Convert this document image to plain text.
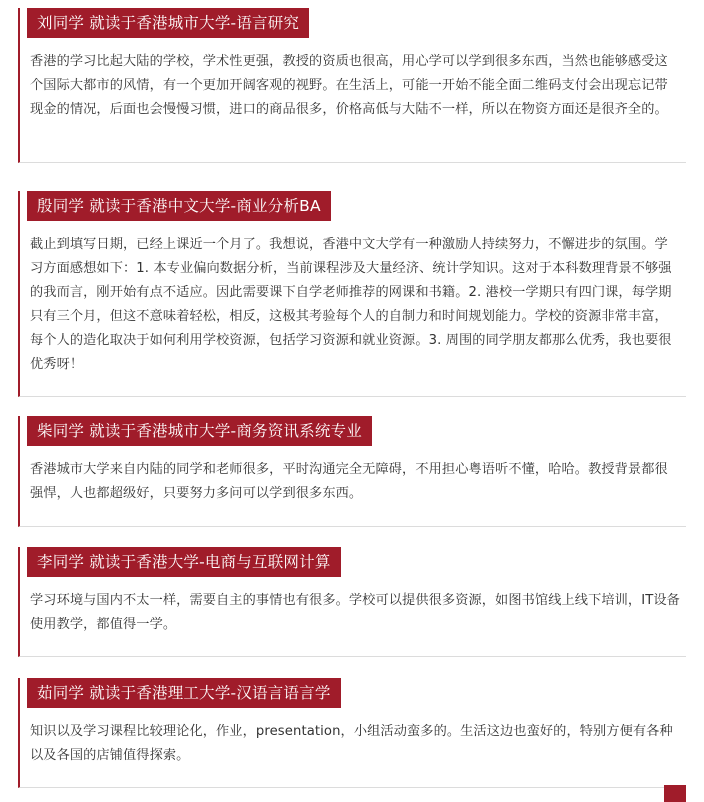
刘同学 就读于香港城市大学-语言研究

香港的学习比起大陆的学校，学术性更强，教授的资质也很高，用心学可以学到很多东西，当然也能够感受这个国际大都市的风情，有一个更加开阔客观的视野。在生活上，可能一开始不能全面二维码支付会出现忘记带现金的情况，后面也会慢慢习惯，进口的商品很多，价格高低与大陆不一样，所以在物资方面还是很齐全的。

殷同学 就读于香港中文大学-商业分析BA

截止到填写日期，已经上课近一个月了。我想说，香港中文大学有一种激励人持续努力，不懈进步的氛围。学习方面感想如下：1. 本专业偏向数据分析，当前课程涉及大量经济、统计学知识。这对于本科数理背景不够强的我而言，刚开始有点不适应。因此需要课下自学老师推荐的网课和书籍。2. 港校一学期只有四门课，每学期只有三个月，但这不意味着轻松，相反，这极其考验每个人的自制力和时间规划能力。学校的资源非常丰富，每个人的造化取决于如何利用学校资源，包括学习资源和就业资源。3. 周围的同学朋友都那么优秀，我也要很优秀呀！

柴同学 就读于香港城市大学-商务资讯系统专业

香港城市大学来自内陆的同学和老师很多，平时沟通完全无障碍，不用担心粤语听不懂，哈哈。教授背景都很强悍，人也都超级好，只要努力多问可以学到很多东西。

李同学 就读于香港大学-电商与互联网计算

学习环境与国内不太一样，需要自主的事情也有很多。学校可以提供很多资源，如图书馆线上线下培训，IT设备使用教学，都值得一学。

茹同学 就读于香港理工大学-汉语言语言学

知识以及学习课程比较理论化，作业，presentation，小组活动蛮多的。生活这边也蛮好的，特别方便有各种以及各国的店铺值得探索。
